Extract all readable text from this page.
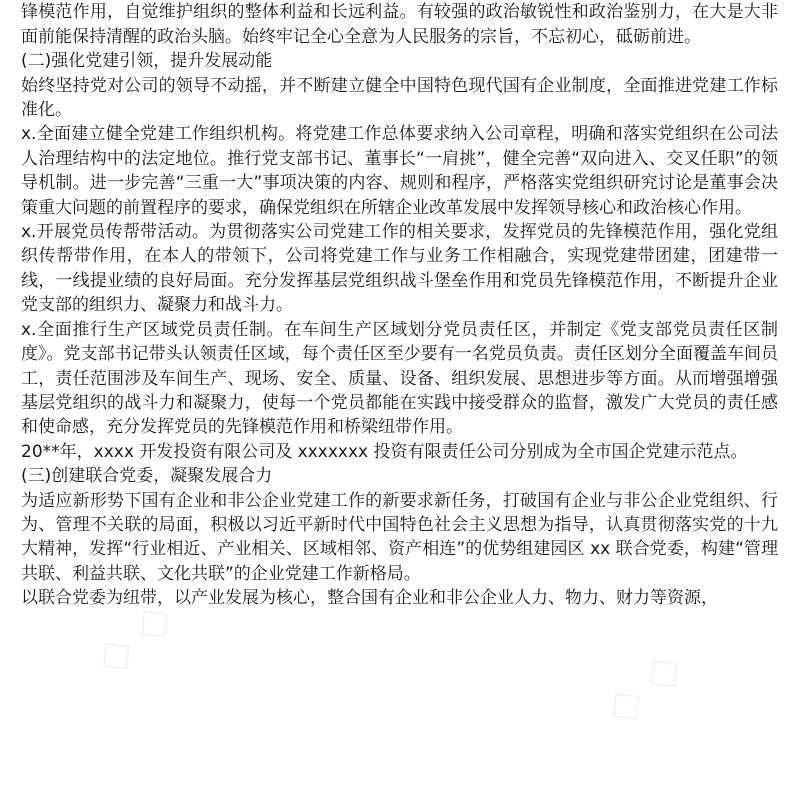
锋模范作用，自觉维护组织的整体利益和长远利益。有较强的政治敏锐性和政治鉴别力，在大是大非面前能保持清醒的政治头脑。始终牢记全心全意为人民服务的宗旨，不忘初心，砥砺前进。

(二)强化党建引领，提升发展动能

始终坚持党对公司的领导不动摇，并不断建立健全中国特色现代国有企业制度，全面推进党建工作标准化。

x.全面建立健全党建工作组织机构。将党建工作总体要求纳入公司章程，明确和落实党组织在公司法人治理结构中的法定地位。推行党支部书记、董事长“一肩挑”，健全完善“双向进入、交叉任职”的领导机制。进一步完善“三重一大”事项决策的内容、规则和程序，严格落实党组织研究讨论是董事会决策重大问题的前置程序的要求，确保党组织在所辖企业改革发展中发挥领导核心和政治核心作用。

x.开展党员传帮带活动。为贯彻落实公司党建工作的相关要求，发挥党员的先锋模范作用，强化党组织传帮带作用，在本人的带领下，公司将党建工作与业务工作相融合，实现党建带团建，团建带一线，一线提业绩的良好局面。充分发挥基层党组织战斗堡垒作用和党员先锋模范作用，不断提升企业党支部的组织力、凝聚力和战斗力。

x.全面推行生产区域党员责任制。在车间生产区域划分党员责任区，并制定《党支部党员责任区制度》。党支部书记带头认领责任区域，每个责任区至少要有一名党员负责。责任区划分全面覆盖车间员工，责任范围涉及车间生产、现场、安全、质量、设备、组织发展、思想进步等方面。从而增强增强基层党组织的战斗力和凝聚力，使每一个党员都能在实践中接受群众的监督，激发广大党员的责任感和使命感，充分发挥党员的先锋模范作用和桥梁纽带作用。

20**年，xxxx 开发投资有限公司及 xxxxxxx 投资有限责任公司分别成为全市国企党建示范点。

(三)创建联合党委，凝聚发展合力

为适应新形势下国有企业和非公企业党建工作的新要求新任务，打破国有企业与非公企业党组织、行为、管理不关联的局面，积极以习近平新时代中国特色社会主义思想为指导，认真贯彻落实党的十九大精神，发挥“行业相近、产业相关、区域相邻、资产相连”的优势组建园区 xx 联合党委，构建“管理共联、利益共联、文化共联”的企业党建工作新格局。

以联合党委为纽带，以产业发展为核心，整合国有企业和非公企业人力、物力、财力等资源，

◇ ◇
◇ ◇
◇ ◇
◇ ◇
